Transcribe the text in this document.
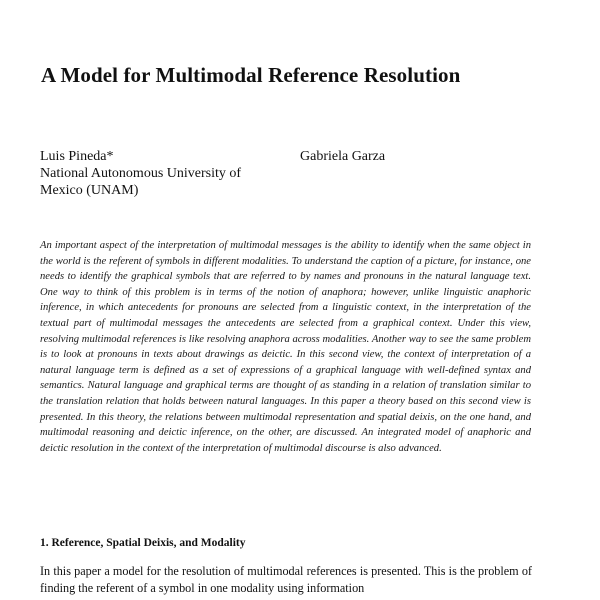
A Model for Multimodal Reference Resolution
Luis Pineda*
National Autonomous University of Mexico (UNAM)
Gabriela Garza

An important aspect of the interpretation of multimodal messages is the ability to identify when the same object in the world is the referent of symbols in different modalities. To understand the caption of a picture, for instance, one needs to identify the graphical symbols that are referred to by names and pronouns in the natural language text. One way to think of this problem is in terms of the notion of anaphora; however, unlike linguistic anaphoric inference, in which antecedents for pronouns are selected from a linguistic context, in the interpretation of the textual part of multimodal messages the antecedents are selected from a graphical context. Under this view, resolving multimodal references is like resolving anaphora across modalities. Another way to see the same problem is to look at pronouns in texts about drawings as deictic. In this second view, the context of interpretation of a natural language term is defined as a set of expressions of a graphical language with well-defined syntax and semantics. Natural language and graphical terms are thought of as standing in a relation of translation similar to the translation relation that holds between natural languages. In this paper a theory based on this second view is presented. In this theory, the relations between multimodal representation and spatial deixis, on the one hand, and multimodal reasoning and deictic inference, on the other, are discussed. An integrated model of anaphoric and deictic resolution in the context of the interpretation of multimodal discourse is also advanced.

1. Reference, Spatial Deixis, and Modality

In this paper a model for the resolution of multimodal references is presented. This is the problem of finding the referent of a symbol in one modality using information
